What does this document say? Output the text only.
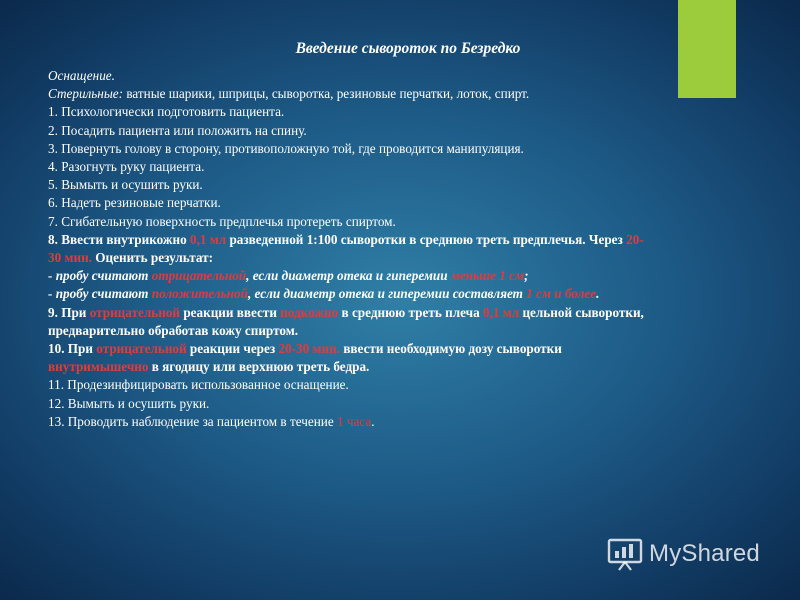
Введение сывороток по Безредко
Оснащение.
Стерильные: ватные шарики, шприцы, сыворотка, резиновые перчатки, лоток, спирт.
1. Психологически подготовить пациента.
2. Посадить пациента или положить на спину.
3. Повернуть голову в сторону, противоположную той, где проводится манипуляция.
4. Разогнуть руку пациента.
5. Вымыть и осушить руки.
6. Надеть резиновые перчатки.
7. Сгибательную поверхность предплечья протереть спиртом.
8. Ввести внутрикожно 0,1 мл разведенной 1:100 сыворотки в среднюю треть предплечья. Через 20-
30 мин. Оценить результат:
- пробу считают отрицательной, если диаметр отека и гиперемии меньше 1 см;
- пробу считают положительной, если диаметр отека и гиперемии составляет 1 см и более.
9. При отрицательной реакции ввести подкожно в среднюю треть плеча 0,1 мл цельной сыворотки,
предварительно обработав кожу спиртом.
10. При отрицательной реакции через 20-30 мин. ввести необходимую дозу сыворотки
внутримышечно в ягодицу или верхнюю треть бедра.
11. Продезинфицировать использованное оснащение.
12. Вымыть и осушить руки.
13. Проводить наблюдение за пациентом в течение 1 часа.
MyShared
